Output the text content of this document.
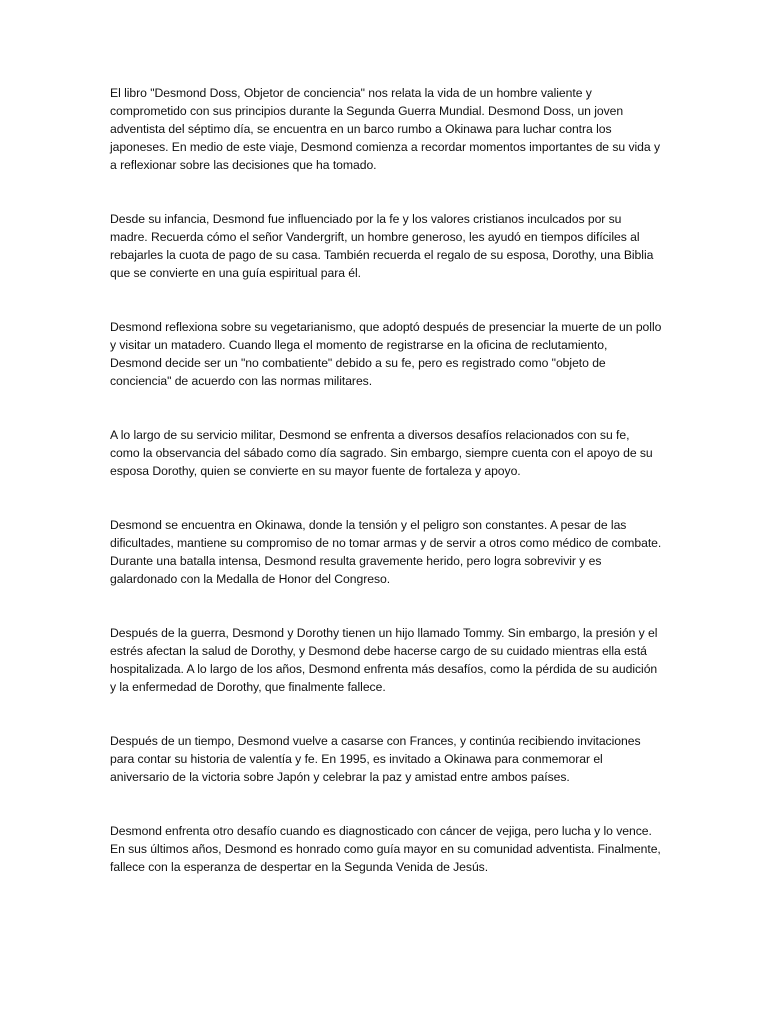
El libro "Desmond Doss, Objetor de conciencia" nos relata la vida de un hombre valiente y comprometido con sus principios durante la Segunda Guerra Mundial. Desmond Doss, un joven adventista del séptimo día, se encuentra en un barco rumbo a Okinawa para luchar contra los japoneses. En medio de este viaje, Desmond comienza a recordar momentos importantes de su vida y a reflexionar sobre las decisiones que ha tomado.

Desde su infancia, Desmond fue influenciado por la fe y los valores cristianos inculcados por su madre. Recuerda cómo el señor Vandergrift, un hombre generoso, les ayudó en tiempos difíciles al rebajarles la cuota de pago de su casa. También recuerda el regalo de su esposa, Dorothy, una Biblia que se convierte en una guía espiritual para él.

Desmond reflexiona sobre su vegetarianismo, que adoptó después de presenciar la muerte de un pollo y visitar un matadero. Cuando llega el momento de registrarse en la oficina de reclutamiento, Desmond decide ser un "no combatiente" debido a su fe, pero es registrado como "objeto de conciencia" de acuerdo con las normas militares.

A lo largo de su servicio militar, Desmond se enfrenta a diversos desafíos relacionados con su fe, como la observancia del sábado como día sagrado. Sin embargo, siempre cuenta con el apoyo de su esposa Dorothy, quien se convierte en su mayor fuente de fortaleza y apoyo.

Desmond se encuentra en Okinawa, donde la tensión y el peligro son constantes. A pesar de las dificultades, mantiene su compromiso de no tomar armas y de servir a otros como médico de combate. Durante una batalla intensa, Desmond resulta gravemente herido, pero logra sobrevivir y es galardonado con la Medalla de Honor del Congreso.

Después de la guerra, Desmond y Dorothy tienen un hijo llamado Tommy. Sin embargo, la presión y el estrés afectan la salud de Dorothy, y Desmond debe hacerse cargo de su cuidado mientras ella está hospitalizada. A lo largo de los años, Desmond enfrenta más desafíos, como la pérdida de su audición y la enfermedad de Dorothy, que finalmente fallece.

Después de un tiempo, Desmond vuelve a casarse con Frances, y continúa recibiendo invitaciones para contar su historia de valentía y fe. En 1995, es invitado a Okinawa para conmemorar el aniversario de la victoria sobre Japón y celebrar la paz y amistad entre ambos países.

Desmond enfrenta otro desafío cuando es diagnosticado con cáncer de vejiga, pero lucha y lo vence. En sus últimos años, Desmond es honrado como guía mayor en su comunidad adventista. Finalmente, fallece con la esperanza de despertar en la Segunda Venida de Jesús.
